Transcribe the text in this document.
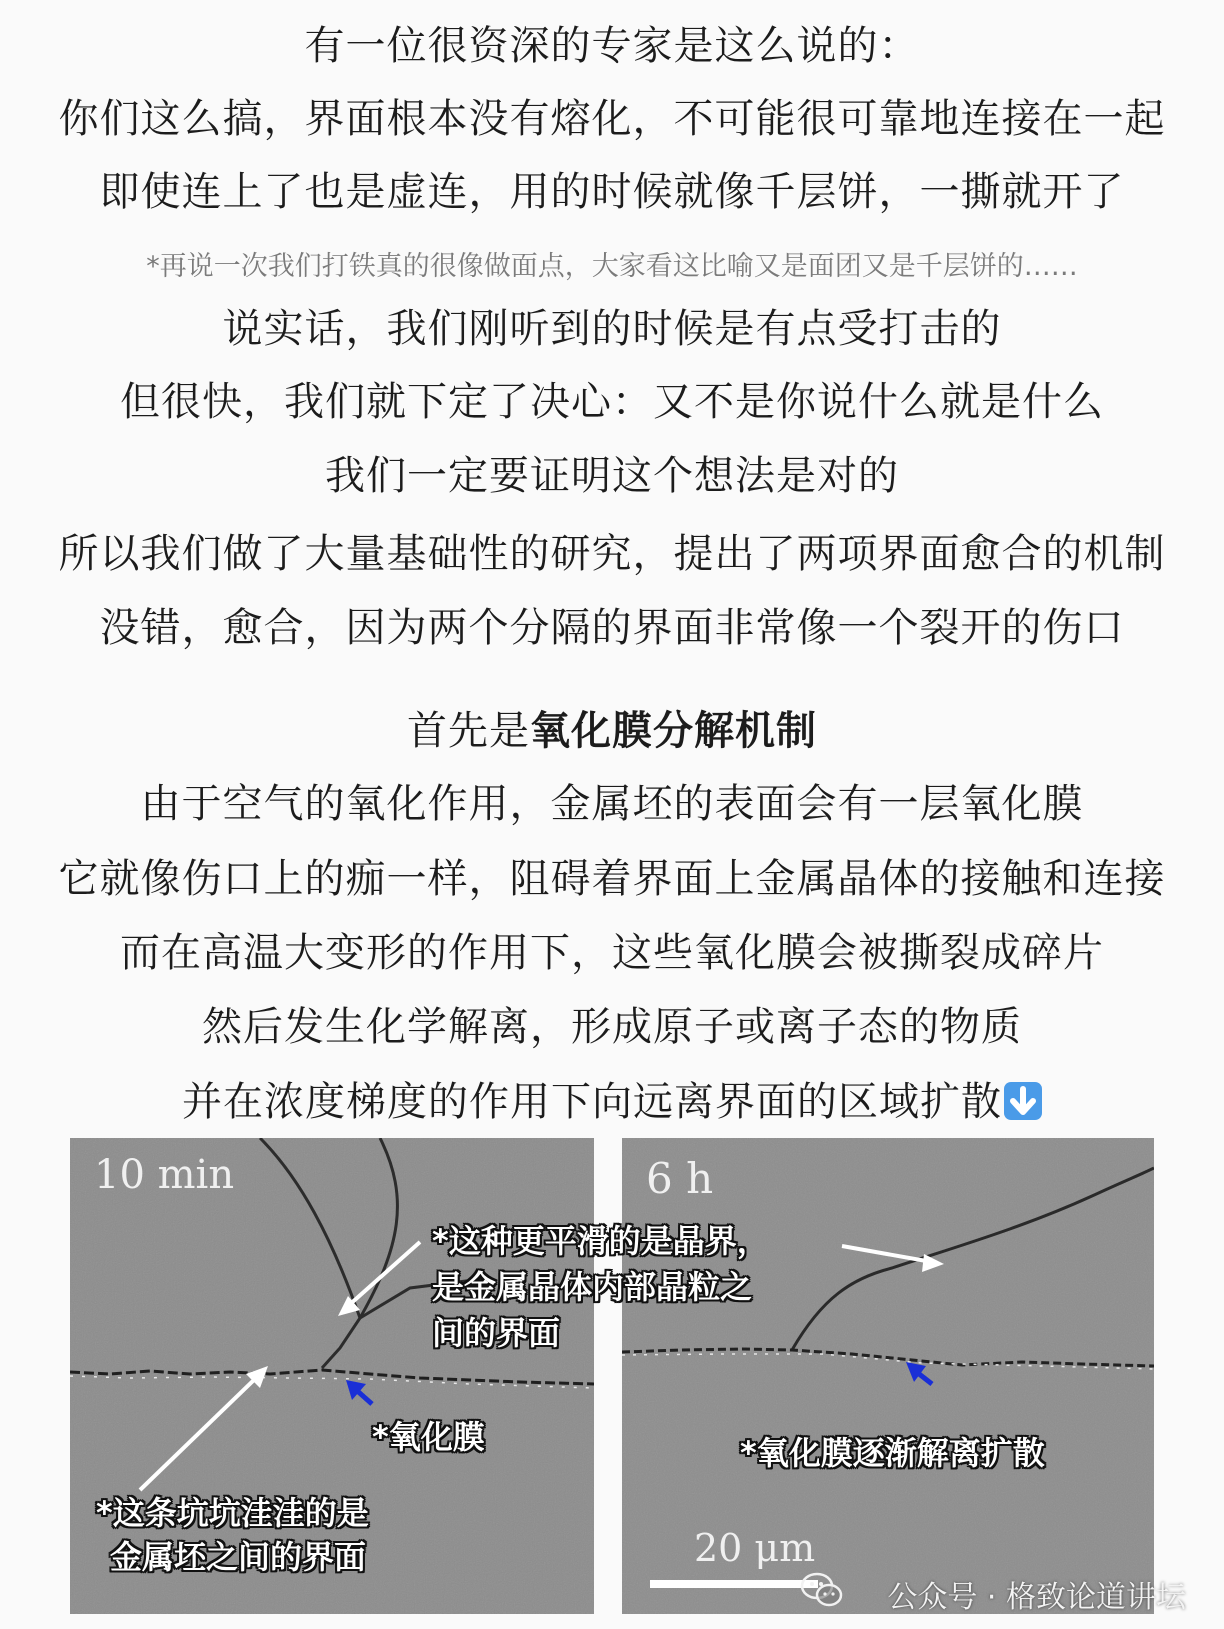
有一位很资深的专家是这么说的：
你们这么搞，界面根本没有熔化，不可能很可靠地连接在一起
即使连上了也是虚连，用的时候就像千层饼，一撕就开了
*再说一次我们打铁真的很像做面点，大家看这比喻又是面团又是千层饼的……
说实话，我们刚听到的时候是有点受打击的
但很快，我们就下定了决心：又不是你说什么就是什么
我们一定要证明这个想法是对的
所以我们做了大量基础性的研究，提出了两项界面愈合的机制
没错，愈合，因为两个分隔的界面非常像一个裂开的伤口
首先是氧化膜分解机制
由于空气的氧化作用，金属坯的表面会有一层氧化膜
它就像伤口上的痂一样，阻碍着界面上金属晶体的接触和连接
而在高温大变形的作用下，这些氧化膜会被撕裂成碎片
然后发生化学解离，形成原子或离子态的物质
并在浓度梯度的作用下向远离界面的区域扩散
10 min
*氧化膜
*这条坑坑洼洼的是
金属坯之间的界面
6 h
*氧化膜逐渐解离扩散
20 μm
*这种更平滑的是晶界，
是金属晶体内部晶粒之
间的界面
公众号 · 格致论道讲坛
